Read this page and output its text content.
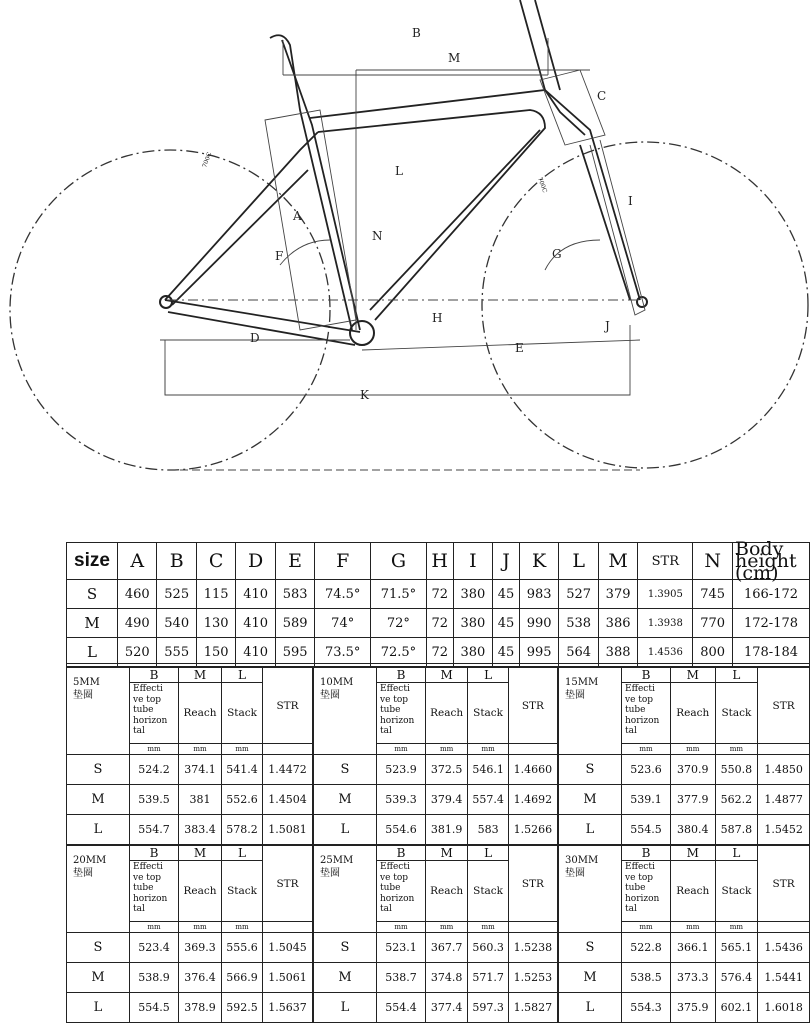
B
M
C
L
N
A
F	G
I
H
J
D
E
K
700C
700C
size	A	B	C	D	E	F	G	H	I	J	K	L	M	STR	N	Body height (cm)
S	460	525	115	410	583	74.5°	71.5°	72	380	45	983	527	379	1.3905	745	166-172
M	490	540	130	410	589	74°	72°	72	380	45	990	538	386	1.3938	770	172-178
L	520	555	150	410	595	73.5°	72.5°	72	380	45	995	564	388	1.4536	800	178-184
5MM
垫圈	B	M	L	STR
	Effecti ve top tube horizon tal	Reach	Stack	
	mm	mm	mm	
S	524.2	374.1	541.4	1.4472
M	539.5	381	552.6	1.4504
L	554.7	383.4	578.2	1.5081
10MM
垫圈	B	M	L	STR
	Effecti ve top tube horizon tal	Reach	Stack	
	mm	mm	mm	
S	523.9	372.5	546.1	1.4660
M	539.3	379.4	557.4	1.4692
L	554.6	381.9	583	1.5266
15MM
垫圈	B	M	L	STR
	Effecti ve top tube horizon tal	Reach	Stack	
	mm	mm	mm	
S	523.6	370.9	550.8	1.4850
M	539.1	377.9	562.2	1.4877
L	554.5	380.4	587.8	1.5452
20MM
垫圈	B	M	L	STR
	Effecti ve top tube horizon tal	Reach	Stack	
	mm	mm	mm	
S	523.4	369.3	555.6	1.5045
M	538.9	376.4	566.9	1.5061
L	554.5	378.9	592.5	1.5637
25MM
垫圈	B	M	L	STR
	Effecti ve top tube horizon tal	Reach	Stack	
	mm	mm	mm	
S	523.1	367.7	560.3	1.5238
M	538.7	374.8	571.7	1.5253
L	554.4	377.4	597.3	1.5827
30MM
垫圈	B	M	L	STR
	Effecti ve top tube horizon tal	Reach	Stack	
	mm	mm	mm	
S	522.8	366.1	565.1	1.5436
M	538.5	373.3	576.4	1.5441
L	554.3	375.9	602.1	1.6018
